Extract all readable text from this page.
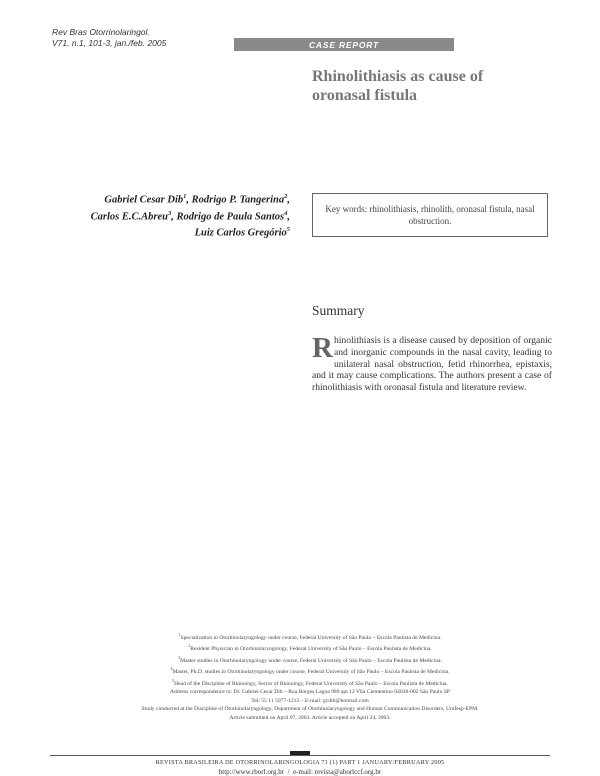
Rev Bras Otorrinolaringol.
V71, n.1, 101-3, jan./feb. 2005	CASE REPORT
Rhinolithiasis as cause of
oronasal fistula
Gabriel Cesar Dib$^1$, Rodrigo P. Tangerina$^2$,
Carlos E.C.Abreu$^3$, Rodrigo de Paula Santos$^4$,
Luiz Carlos Gregório$^5$
Key words: rhinolithiasis, rhinolith, oronasal fistula, nasal obstruction.
Summary
Rhinolithiasis is a disease caused by deposition of organic and inorganic compounds in the nasal cavity, leading to unilateral nasal obstruction, fetid rhinorrhea, epistaxis, and it may cause complications. The authors present a case of rhinolithiasis with oronasal fistula and literature review.
$^1$Specialization in Otorhinolaryngology under course, Federal University of São Paulo – Escola Paulista de Medicina.
$^2$Resident Physician in Otorhinolaryngology, Federal University of São Paulo – Escola Paulista de Medicina.
$^3$Master studies in Otorhinolaryngology under course, Federal University of São Paulo – Escola Paulista de Medicina.
$^4$Master, Ph.D. studies in Otorhinolaryngology under course, Federal University of São Paulo – Escola Paulista de Medicina.
$^5$Head of the Discipline of Rhinology, Sector of Rhinology, Federal University of São Paulo – Escola Paulista de Medicina.
Address correspondence to: Dr. Gabriel Cesar Dib – Rua Borges Lagoa 980 apt 12 Vila Clementino 04038-002 São Paulo SP
Tel/ 55 11 5077-1212 – E-mail: gcdib@hotmail.com
Study conducted at the Discipline of Otorhinolaryngology, Department of Otorhinolaryngology and Human Communication Disorders, Unifesp-EPM.
Article submitted on April 07, 2003. Article accepted on April 24, 2003.
REVISTA BRASILEIRA DE OTORRINOLARINGOLOGIA 71 (1) PART 1 JANUARY/FEBRUARY 2005
http://www.rborl.org.br / e-mail: revista@aborlccf.org.br
